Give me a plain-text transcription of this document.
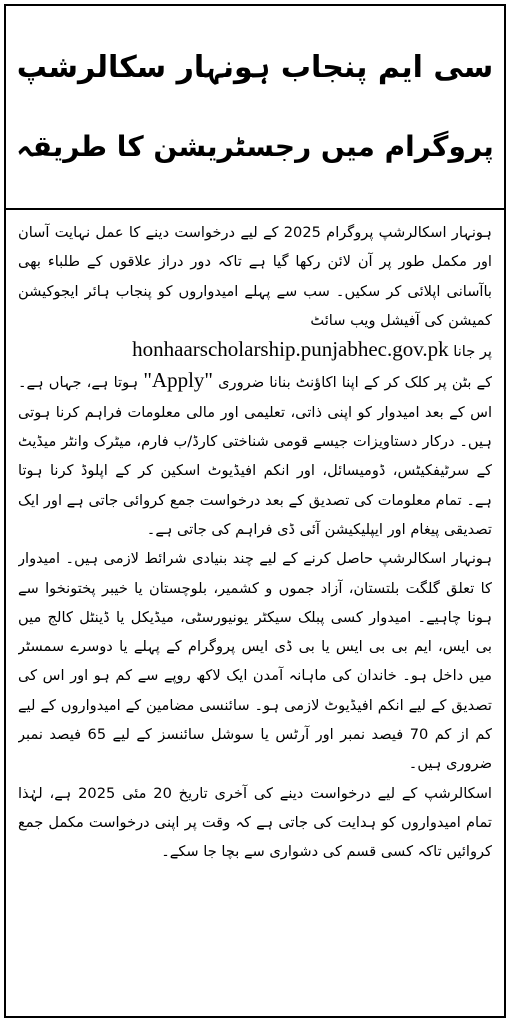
سی ایم پنجاب ہونہار سکالرشپ
پروگرام میں رجسٹریشن کا طریقہ

ہونہار اسکالرشپ پروگرام 2025 کے لیے درخواست دینے کا عمل نہایت آسان اور مکمل طور پر آن لائن رکھا گیا ہے تاکہ دور دراز علاقوں کے طلباء بھی باآسانی اپلائی کر سکیں۔ سب سے پہلے امیدواروں کو پنجاب ہائر ایجوکیشن کمیشن کی آفیشل ویب سائٹ

پر جانا honhaarscholarship.punjabhec.gov.pk

کے بٹن پر کلک کر کے اپنا اکاؤنٹ بنانا ضروری "Apply" ہوتا ہے، جہاں ہے۔ اس کے بعد امیدوار کو اپنی ذاتی، تعلیمی اور مالی معلومات فراہم کرنا ہوتی ہیں۔ درکار دستاویزات جیسے قومی شناختی کارڈ/ب فارم، میٹرک وانٹر میڈیٹ کے سرٹیفکیٹس، ڈومیسائل، اور انکم افیڈیوٹ اسکین کر کے اپلوڈ کرنا ہوتا ہے۔ تمام معلومات کی تصدیق کے بعد درخواست جمع کروائی جاتی ہے اور ایک تصدیقی پیغام اور ایپلیکیشن آئی ڈی فراہم کی جاتی ہے۔

ہونہار اسکالرشپ حاصل کرنے کے لیے چند بنیادی شرائط لازمی ہیں۔ امیدوار کا تعلق گلگت بلتستان، آزاد جموں و کشمیر، بلوچستان یا خیبر پختونخوا سے ہونا چاہیے۔ امیدوار کسی پبلک سیکٹر یونیورسٹی، میڈیکل یا ڈینٹل کالج میں بی ایس، ایم بی بی ایس یا بی ڈی ایس پروگرام کے پہلے یا دوسرے سمسٹر میں داخل ہو۔ خاندان کی ماہانہ آمدن ایک لاکھ روپے سے کم ہو اور اس کی تصدیق کے لیے انکم افیڈیوٹ لازمی ہو۔ سائنسی مضامین کے امیدواروں کے لیے کم از کم 70 فیصد نمبر اور آرٹس یا سوشل سائنسز کے لیے 65 فیصد نمبر ضروری ہیں۔

اسکالرشپ کے لیے درخواست دینے کی آخری تاریخ 20 مئی 2025 ہے، لہٰذا تمام امیدواروں کو ہدایت کی جاتی ہے کہ وقت پر اپنی درخواست مکمل جمع کروائیں تاکہ کسی قسم کی دشواری سے بچا جا سکے۔
